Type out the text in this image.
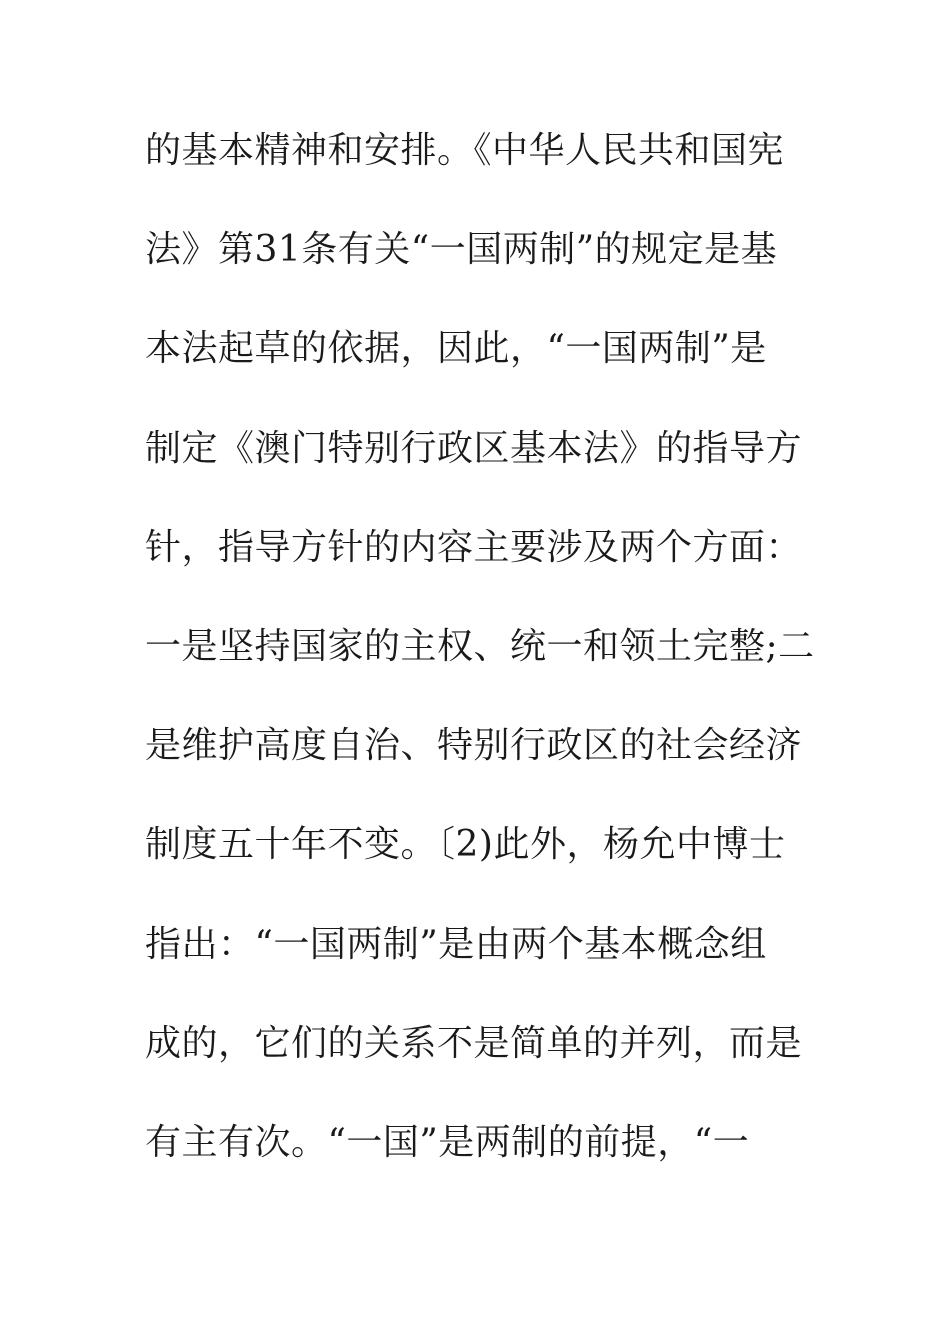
的基本精神和安排。《中华人民共和国宪
法》第31条有关“一国两制”的规定是基
本法起草的依据，因此，“一国两制”是
制定《澳门特别行政区基本法》的指导方
针，指导方针的内容主要涉及两个方面：
一是坚持国家的主权、统一和领土完整;二
是维护高度自治、特别行政区的社会经济
制度五十年不变。〔2)此外，杨允中博士
指出：“一国两制”是由两个基本概念组
成的，它们的关系不是简单的并列，而是
有主有次。“一国”是两制的前提，“一
